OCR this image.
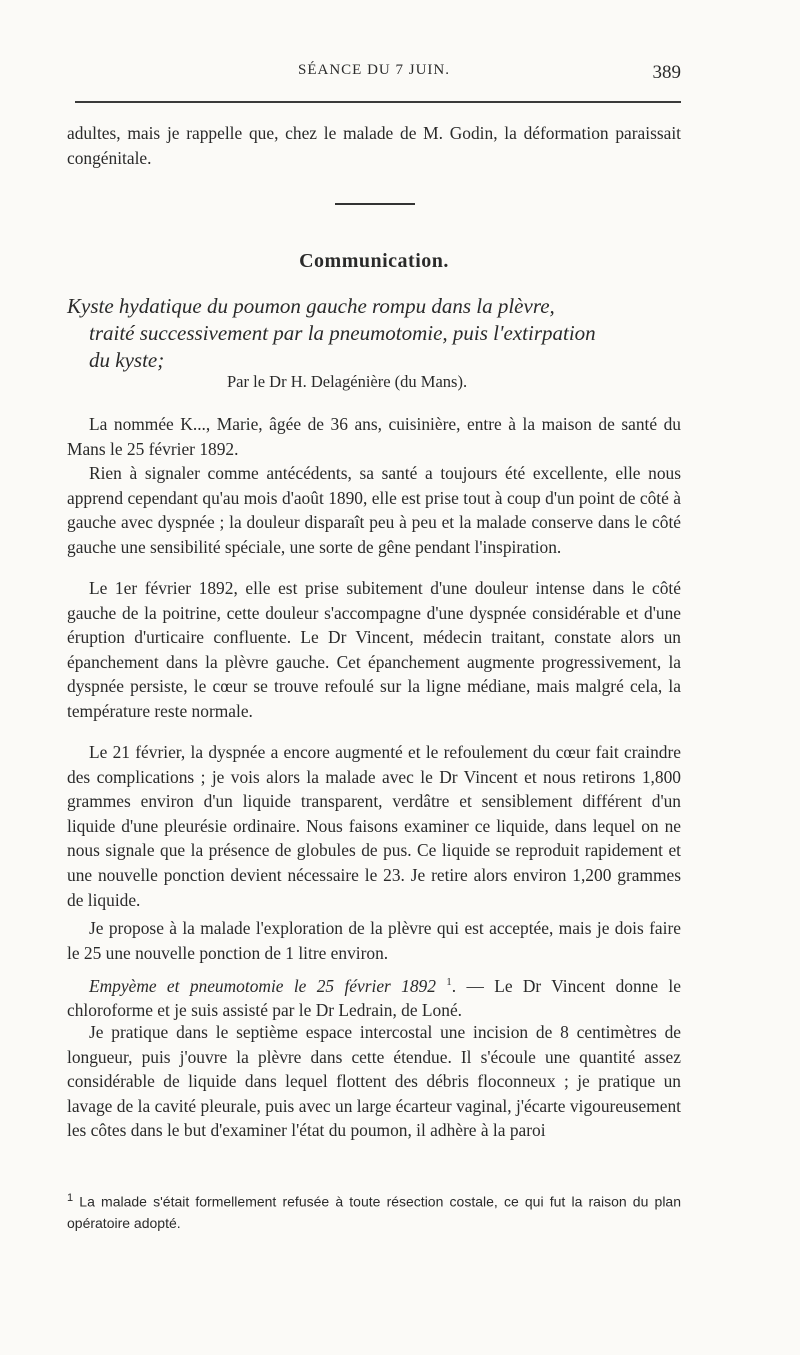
SÉANCE DU 7 JUIN.	389
adultes, mais je rappelle que, chez le malade de M. Godin, la déformation paraissait congénitale.
Communication.
Kyste hydatique du poumon gauche rompu dans la plèvre,
traité successivement par la pneumotomie, puis l'extirpation
du kyste;
Par le Dr H. Delagénière (du Mans).
La nommée K..., Marie, âgée de 36 ans, cuisinière, entre à la maison de santé du Mans le 25 février 1892.
Rien à signaler comme antécédents, sa santé a toujours été excellente, elle nous apprend cependant qu'au mois d'août 1890, elle est prise tout à coup d'un point de côté à gauche avec dyspnée ; la douleur disparaît peu à peu et la malade conserve dans le côté gauche une sensibilité spéciale, une sorte de gêne pendant l'inspiration.
Le 1er février 1892, elle est prise subitement d'une douleur intense dans le côté gauche de la poitrine, cette douleur s'accompagne d'une dyspnée considérable et d'une éruption d'urticaire confluente. Le Dr Vincent, médecin traitant, constate alors un épanchement dans la plèvre gauche. Cet épanchement augmente progressivement, la dyspnée persiste, le cœur se trouve refoulé sur la ligne médiane, mais malgré cela, la température reste normale.
Le 21 février, la dyspnée a encore augmenté et le refoulement du cœur fait craindre des complications ; je vois alors la malade avec le Dr Vincent et nous retirons 1,800 grammes environ d'un liquide transparent, verdâtre et sensiblement différent d'un liquide d'une pleurésie ordinaire. Nous faisons examiner ce liquide, dans lequel on ne nous signale que la présence de globules de pus. Ce liquide se reproduit rapidement et une nouvelle ponction devient nécessaire le 23. Je retire alors environ 1,200 grammes de liquide.
Je propose à la malade l'exploration de la plèvre qui est acceptée, mais je dois faire le 25 une nouvelle ponction de 1 litre environ.
Empyème et pneumotomie le 25 février 1892 $^1$. — Le Dr Vincent donne le chloroforme et je suis assisté par le Dr Ledrain, de Loné.
Je pratique dans le septième espace intercostal une incision de 8 centimètres de longueur, puis j'ouvre la plèvre dans cette étendue. Il s'écoule une quantité assez considérable de liquide dans lequel flottent des débris floconneux ; je pratique un lavage de la cavité pleurale, puis avec un large écarteur vaginal, j'écarte vigoureusement les côtes dans le but d'examiner l'état du poumon, il adhère à la paroi
$^1$ La malade s'était formellement refusée à toute résection costale, ce qui fut la raison du plan opératoire adopté.
